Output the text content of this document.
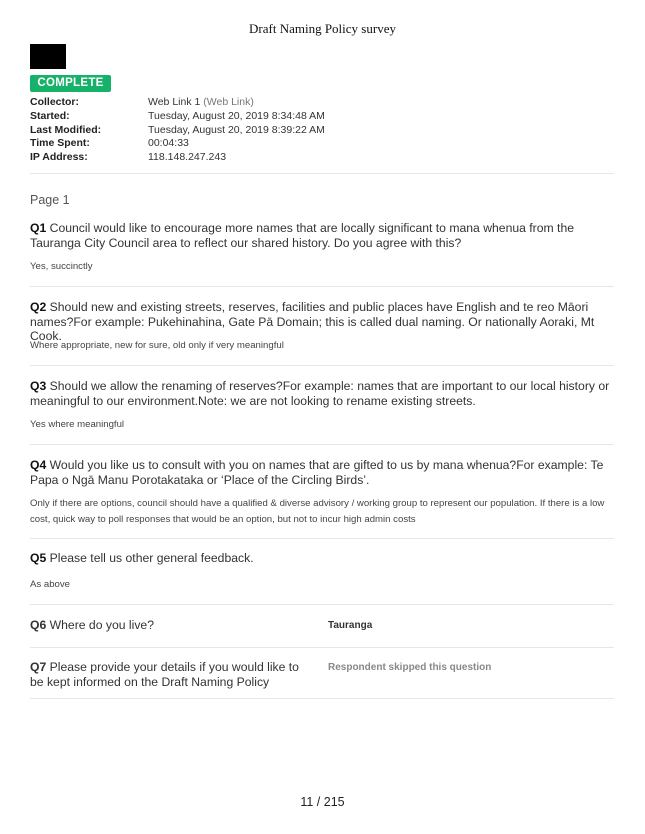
Draft Naming Policy survey
COMPLETE
Collector:	Web Link 1 (Web Link)
Started:	Tuesday, August 20, 2019 8:34:48 AM
Last Modified:	Tuesday, August 20, 2019 8:39:22 AM
Time Spent:	00:04:33
IP Address:	118.148.247.243
Page 1
Q1 Council would like to encourage more names that are locally significant to mana whenua from the Tauranga City Council area to reflect our shared history. Do you agree with this?
Yes, succinctly
Q2 Should new and existing streets, reserves, facilities and public places have English and te reo Māori names?For example: Pukehinahina, Gate Pā Domain; this is called dual naming. Or nationally Aoraki, Mt Cook.
Where appropriate, new for sure, old only if very meaningful
Q3 Should we allow the renaming of reserves?For example: names that are important to our local history or meaningful to our environment.Note: we are not looking to rename existing streets.
Yes where meaningful
Q4 Would you like us to consult with you on names that are gifted to us by mana whenua?For example: Te Papa o Ngā Manu Porotakataka or ‘Place of the Circling Birds’.
Only if there are options, council should have a qualified & diverse advisory / working group to represent our population. If there is a low cost, quick way to poll responses that would be an option, but not to incur high admin costs
Q5 Please tell us other general feedback.
As above
Q6 Where do you live?	Tauranga
Q7 Please provide your details if you would like to be kept informed on the Draft Naming Policy
Respondent skipped this question
11 / 215
